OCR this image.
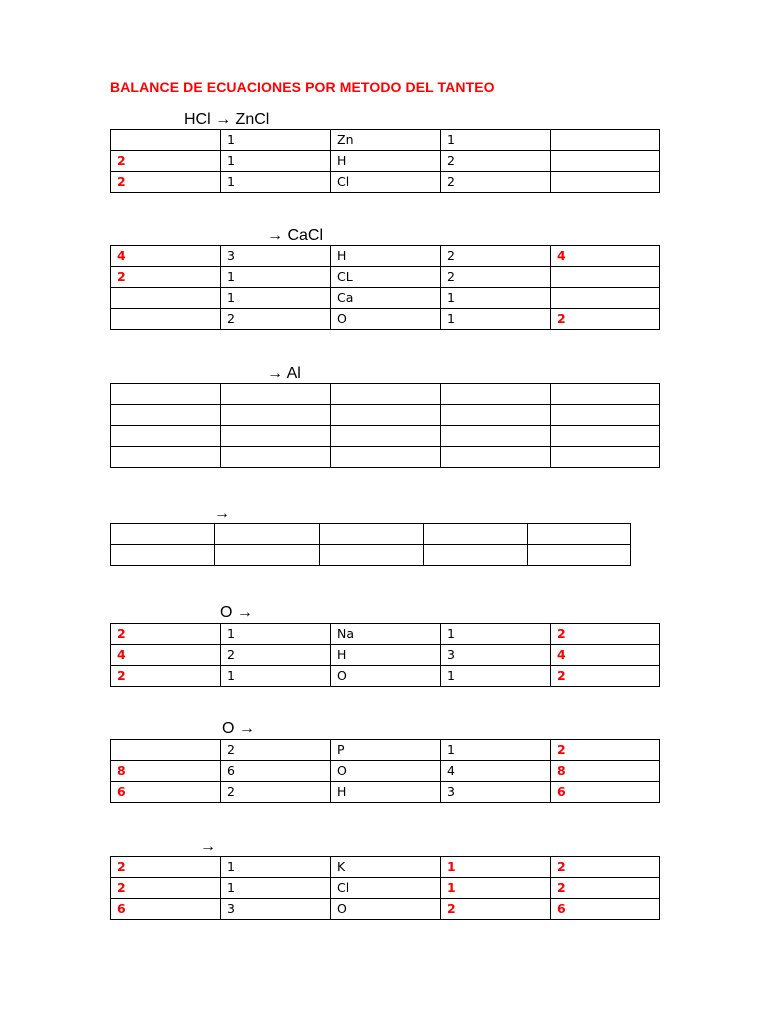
BALANCE DE ECUACIONES POR METODO DEL TANTEO
HCl → ZnCl
	1	Zn	1	
2	1	H	2	
2	1	Cl	2	
→ CaCl
4	3	H	2	4
2	1	CL	2	
	1	Ca	1	
	2	O	1	2
→ Al

→

O →
2	1	Na	1	2
4	2	H	3	4
2	1	O	1	2
O →
	2	P	1	2
8	6	O	4	8
6	2	H	3	6
→
2	1	K	1	2
2	1	Cl	1	2
6	3	O	2	6
